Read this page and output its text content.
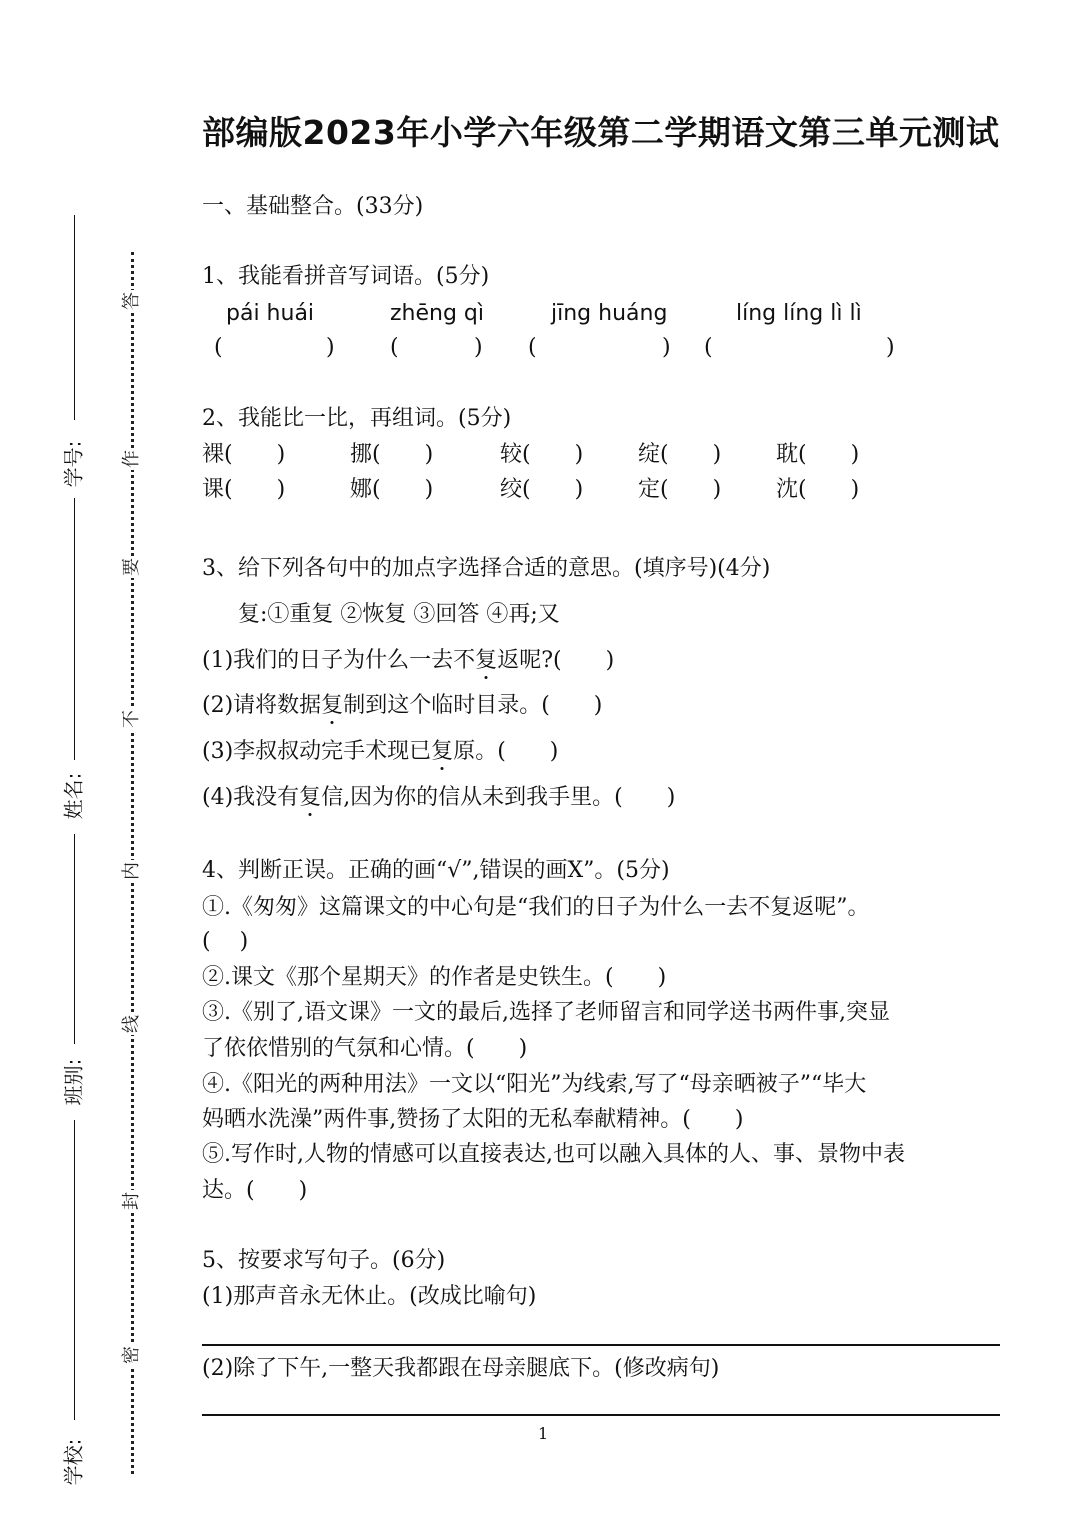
学号:
姓名:
班别:
学校:
答
作
要
不
内
线
封
密
部编版2023年小学六年级第二学期语文第三单元测试
一、基础整合。(33分)
1、我能看拼音写词语。(5分)
pái huái	zhēng qì	jīng huáng	líng líng lì lì
(	)	(	) (	) (	)
2、我能比一比，再组词。(5分)
裸(　　)	挪(　　)	较(　　) 绽(　　) 耽(　　)
课(　　)	娜(　　)	绞(　　) 定(　　) 沈(　　)
3、给下列各句中的加点字选择合适的意思。(填序号)(4分)
复:①重复 ②恢复 ③回答 ④再;又
(1)我们的日子为什么一去不复返呢?(　　)
(2)请将数据复制到这个临时目录。(　　)
(3)李叔叔动完手术现已复原。(　　)
(4)我没有复信,因为你的信从未到我手里。(　　)
4、判断正误。正确的画“√”,错误的画X”。(5分)
①.《匆匆》这篇课文的中心句是“我们的日子为什么一去不复返呢”。
(　 )
②.课文《那个星期天》的作者是史铁生。(　　)
③.《别了,语文课》一文的最后,选择了老师留言和同学送书两件事,突显
了依依惜别的气氛和心情。(　　)
④.《阳光的两种用法》一文以“阳光”为线索,写了“母亲晒被子”“毕大
妈晒水洗澡”两件事,赞扬了太阳的无私奉献精神。(　　)
⑤.写作时,人物的情感可以直接表达,也可以融入具体的人、事、景物中表
达。(　　)
5、按要求写句子。(6分)
(1)那声音永无休止。(改成比喻句)
(2)除了下午,一整天我都跟在母亲腿底下。(修改病句)
1
